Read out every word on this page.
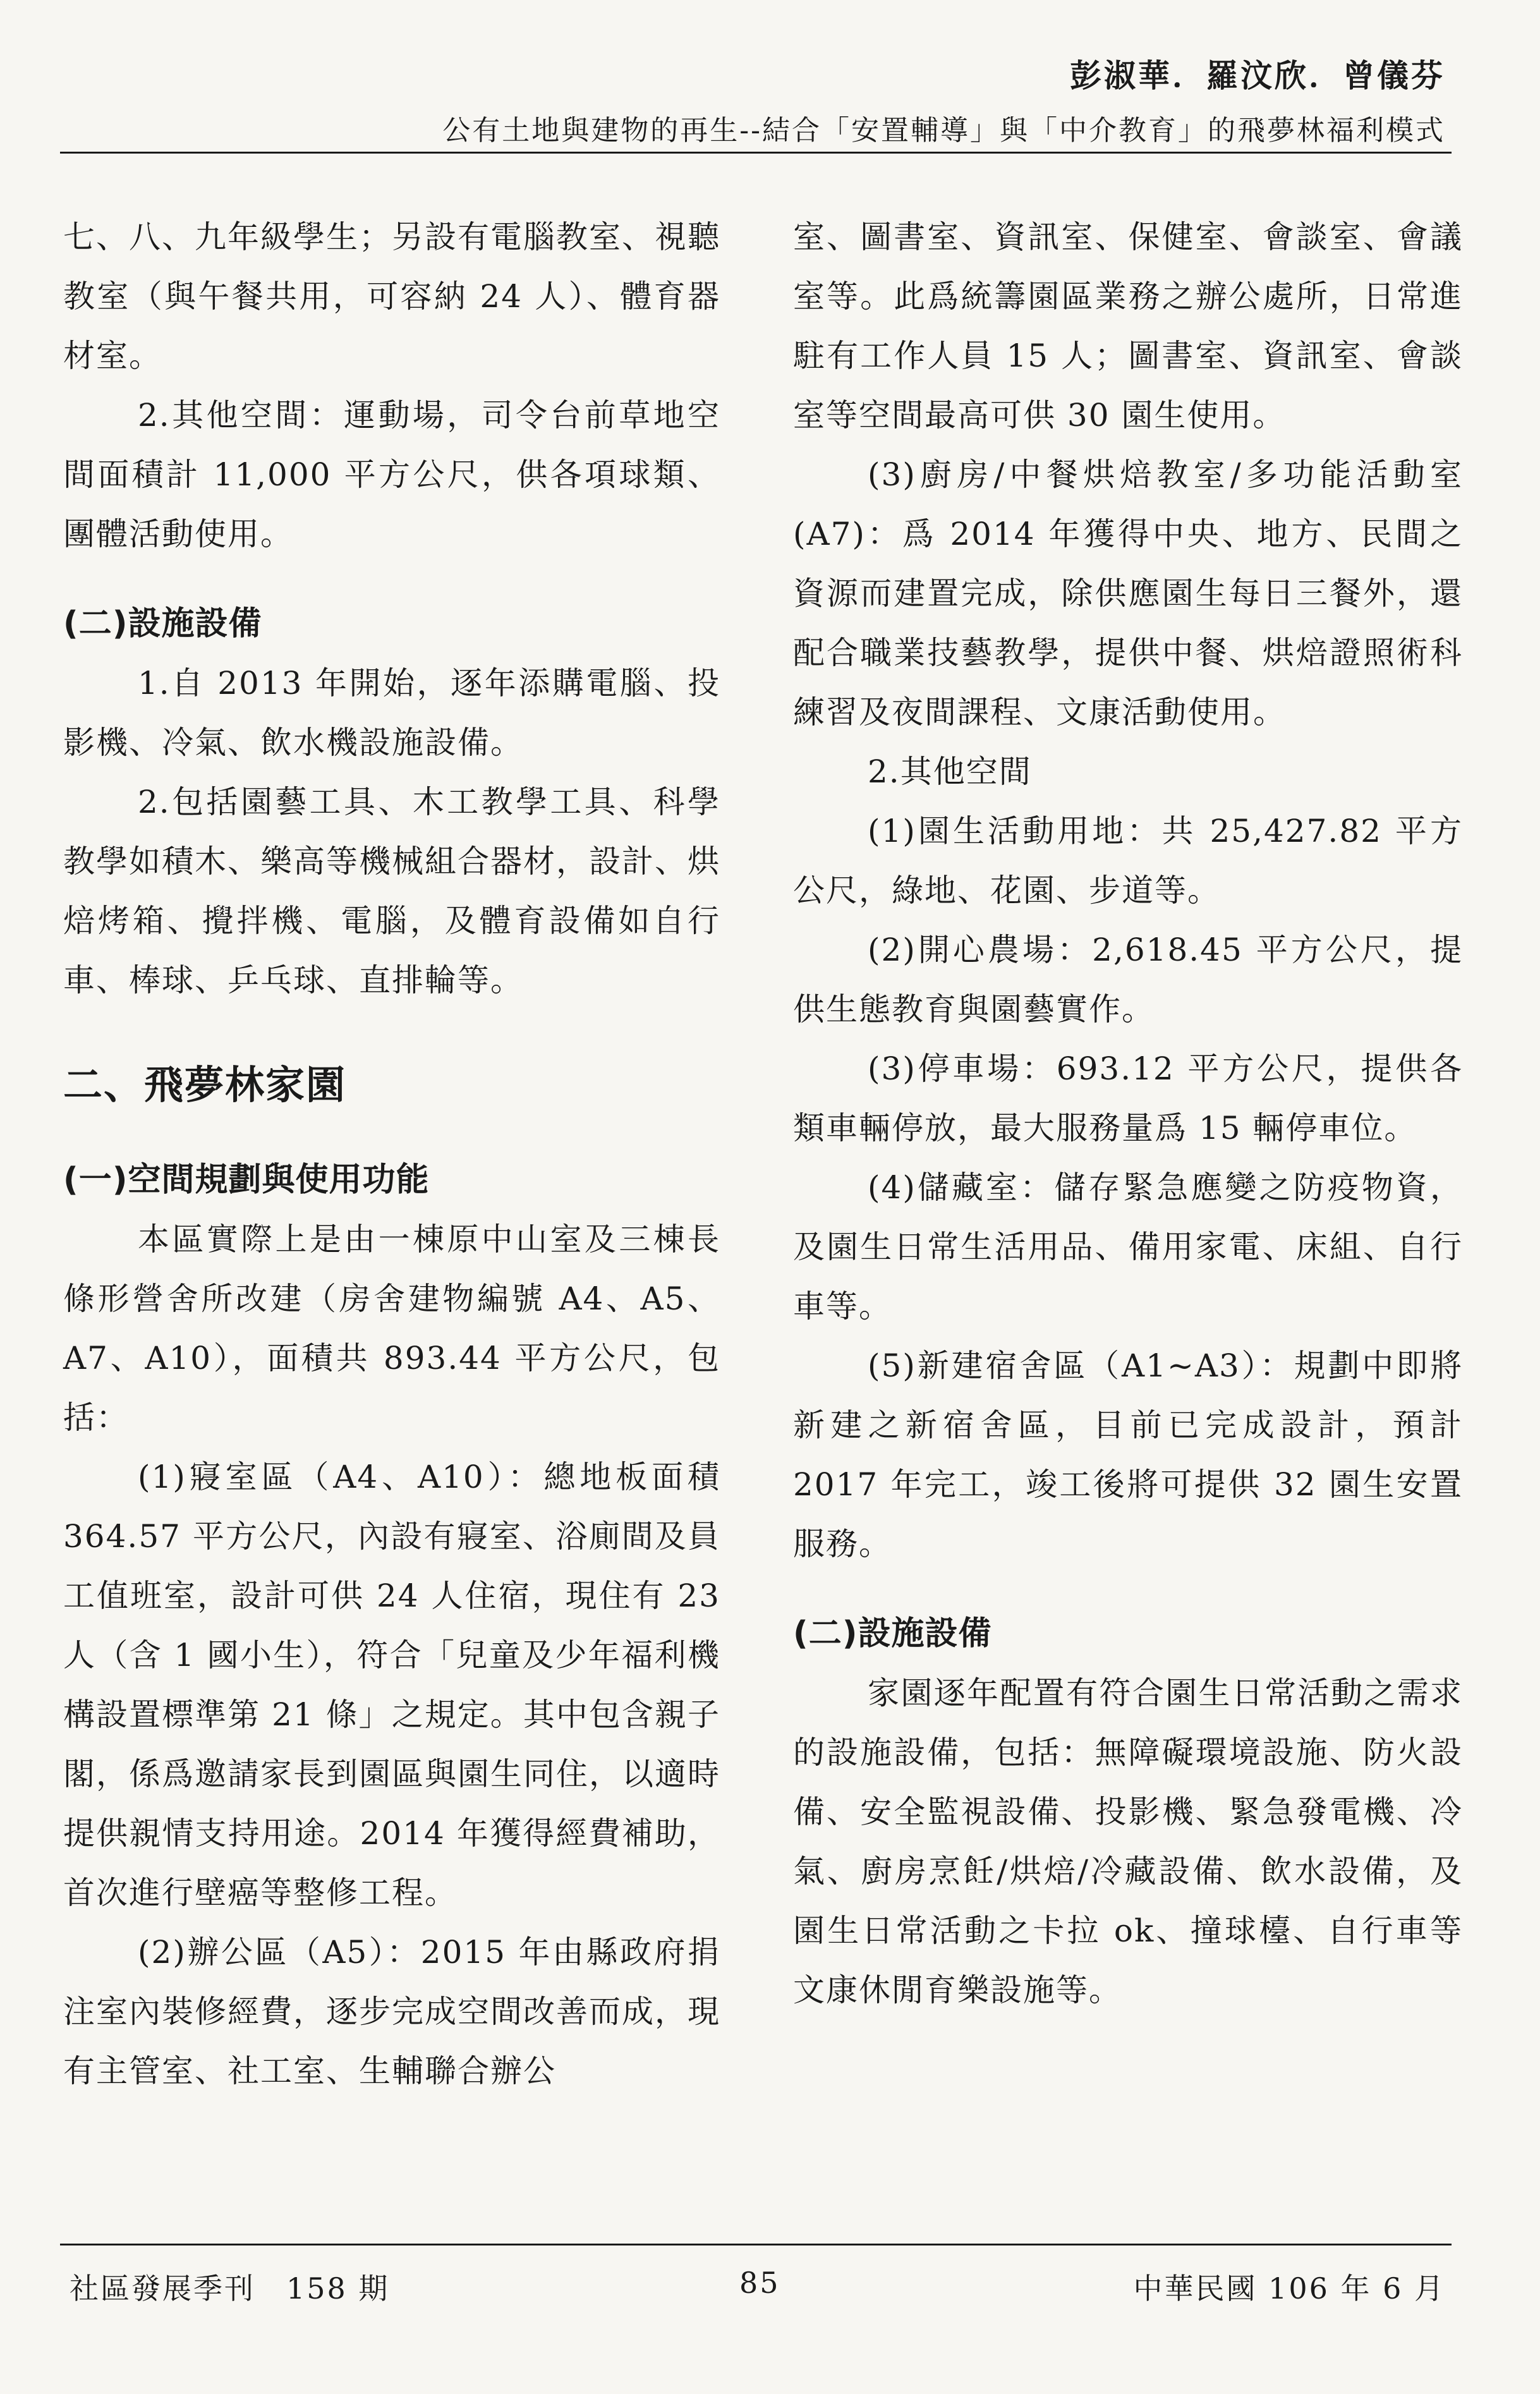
彭淑華．羅汶欣．曾儀芬
公有土地與建物的再生--結合「安置輔導」與「中介教育」的飛夢林福利模式

七、八、九年級學生；另設有電腦教室、視聽教室（與午餐共用，可容納 24 人）、體育器材室。

2.其他空間：運動場，司令台前草地空間面積計 11,000 平方公尺，供各項球類、團體活動使用。

(二)設施設備

1.自 2013 年開始，逐年添購電腦、投影機、冷氣、飲水機設施設備。

2.包括園藝工具、木工教學工具、科學教學如積木、樂高等機械組合器材，設計、烘焙烤箱、攪拌機、電腦，及體育設備如自行車、棒球、乒乓球、直排輪等。

二、飛夢林家園
(一)空間規劃與使用功能

本區實際上是由一棟原中山室及三棟長條形營舍所改建（房舍建物編號 A4、A5、A7、A10），面積共 893.44 平方公尺，包括：

(1)寢室區（A4、A10）：總地板面積 364.57 平方公尺，內設有寢室、浴廁間及員工值班室，設計可供 24 人住宿，現住有 23 人（含 1 國小生），符合「兒童及少年福利機構設置標準第 21 條」之規定。其中包含親子閣，係爲邀請家長到園區與園生同住，以適時提供親情支持用途。2014 年獲得經費補助，首次進行壁癌等整修工程。

(2)辦公區（A5）：2015 年由縣政府捐注室內裝修經費，逐步完成空間改善而成，現有主管室、社工室、生輔聯合辦公

室、圖書室、資訊室、保健室、會談室、會議室等。此爲統籌園區業務之辦公處所，日常進駐有工作人員 15 人；圖書室、資訊室、會談室等空間最高可供 30 園生使用。

(3)廚房/中餐烘焙教室/多功能活動室(A7)：爲 2014 年獲得中央、地方、民間之資源而建置完成，除供應園生每日三餐外，還配合職業技藝教學，提供中餐、烘焙證照術科練習及夜間課程、文康活動使用。

2.其他空間

(1)園生活動用地：共 25,427.82 平方公尺，綠地、花園、步道等。

(2)開心農場：2,618.45 平方公尺，提供生態教育與園藝實作。

(3)停車場：693.12 平方公尺，提供各類車輛停放，最大服務量爲 15 輛停車位。

(4)儲藏室：儲存緊急應變之防疫物資，及園生日常生活用品、備用家電、床組、自行車等。

(5)新建宿舍區（A1~A3）：規劃中即將新建之新宿舍區，目前已完成設計，預計 2017 年完工，竣工後將可提供 32 園生安置服務。

(二)設施設備

家園逐年配置有符合園生日常活動之需求的設施設備，包括：無障礙環境設施、防火設備、安全監視設備、投影機、緊急發電機、冷氣、廚房烹飪/烘焙/冷藏設備、飲水設備，及園生日常活動之卡拉 ok、撞球檯、自行車等文康休閒育樂設施等。

社區發展季刊　158 期	85	中華民國 106 年 6 月
